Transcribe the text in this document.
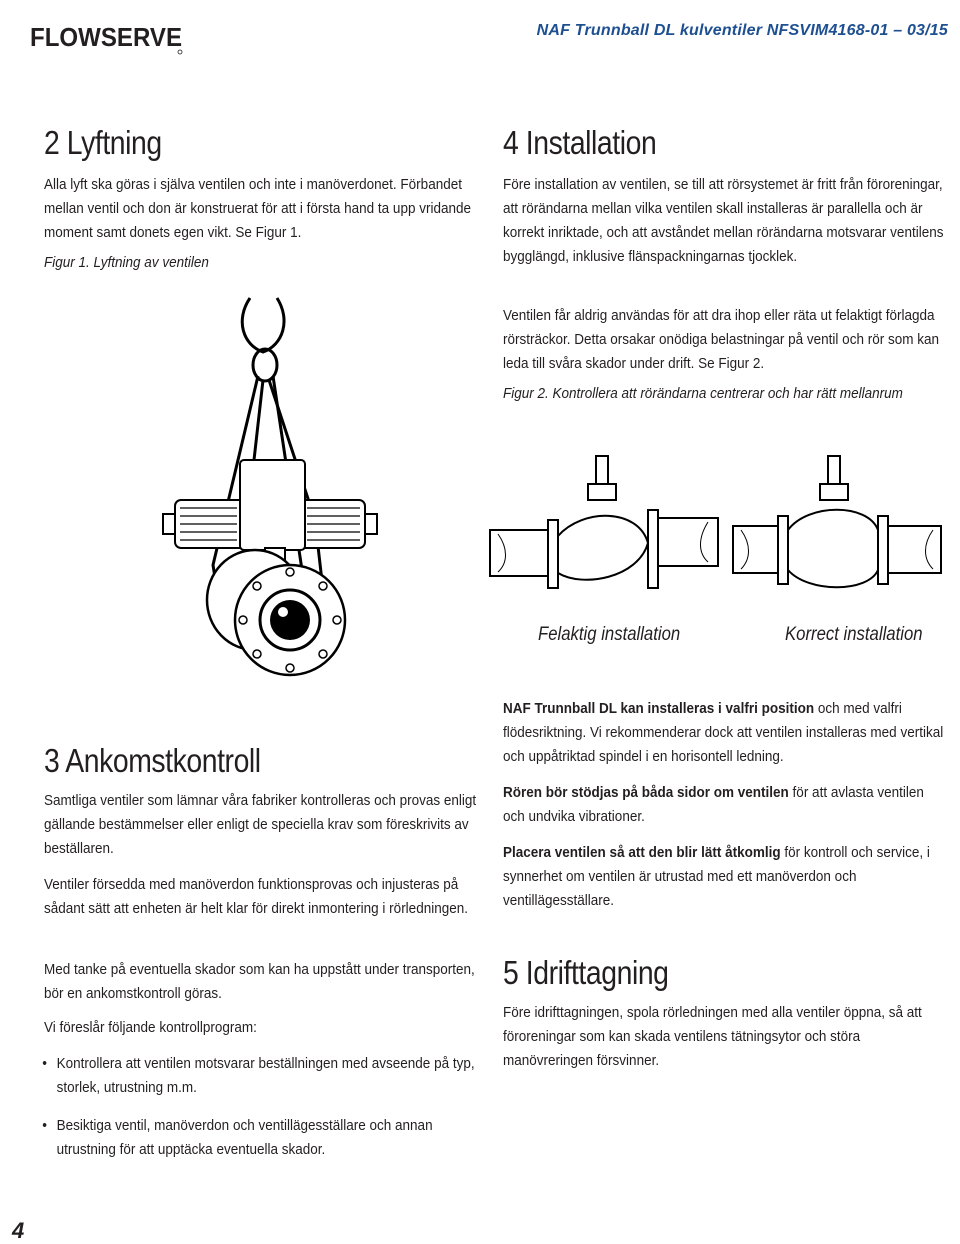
FLOWSERVE	NAF Trunnball DL kulventiler NFSVIM4168-01 – 03/15
2 Lyftning
Alla lyft ska göras i själva ventilen och inte i manöverdonet. Förbandet mellan ventil och don är konstruerat för att i första hand ta upp vridande moment samt donets egen vikt. Se Figur 1.
Figur 1. Lyftning av ventilen
4 Installation
Före installation av ventilen, se till att rörsystemet är fritt från föroreningar, att rörändarna mellan vilka ventilen skall installeras är parallella och är korrekt inriktade, och att avståndet mellan rörändarna motsvarar ventilens bygglängd, inklusive flänspackningarnas tjocklek.
Ventilen får aldrig användas för att dra ihop eller räta ut felaktigt förlagda rörsträckor. Detta orsakar onödiga belastningar på ventil och rör som kan leda till svåra skador under drift. Se Figur 2.
Figur 2. Kontrollera att rörändarna centrerar och har rätt mellanrum
Felaktig installation	Korrect installation
3 Ankomstkontroll
Samtliga ventiler som lämnar våra fabriker kontrolleras och provas enligt gällande bestämmelser eller enligt de speciella krav som föreskrivits av beställaren.
Ventiler försedda med manöverdon funktionsprovas och injusteras på sådant sätt att enheten är helt klar för direkt inmontering i rörledningen.
Med tanke på eventuella skador som kan ha uppstått under transporten, bör en ankomstkontroll göras.
Vi föreslår följande kontrollprogram:
• Kontrollera att ventilen motsvarar beställningen med avseende på typ, storlek, utrustning m.m.
• Besiktiga ventil, manöverdon och ventillägesställare och annan utrustning för att upptäcka eventuella skador.
NAF Trunnball DL kan installeras i valfri position och med valfri flödesriktning. Vi rekommenderar dock att ventilen installeras med vertikal och uppåtriktad spindel i en horisontell ledning.
Rören bör stödjas på båda sidor om ventilen för att avlasta ventilen och undvika vibrationer.
Placera ventilen så att den blir lätt åtkomlig för kontroll och service, i synnerhet om ventilen är utrustad med ett manöverdon och ventillägesställare.
5 Idrifttagning
Före idrifttagningen, spola rörledningen med alla ventiler öppna, så att föroreningar som kan skada ventilens tätningsytor och störa manövreringen försvinner.
4
